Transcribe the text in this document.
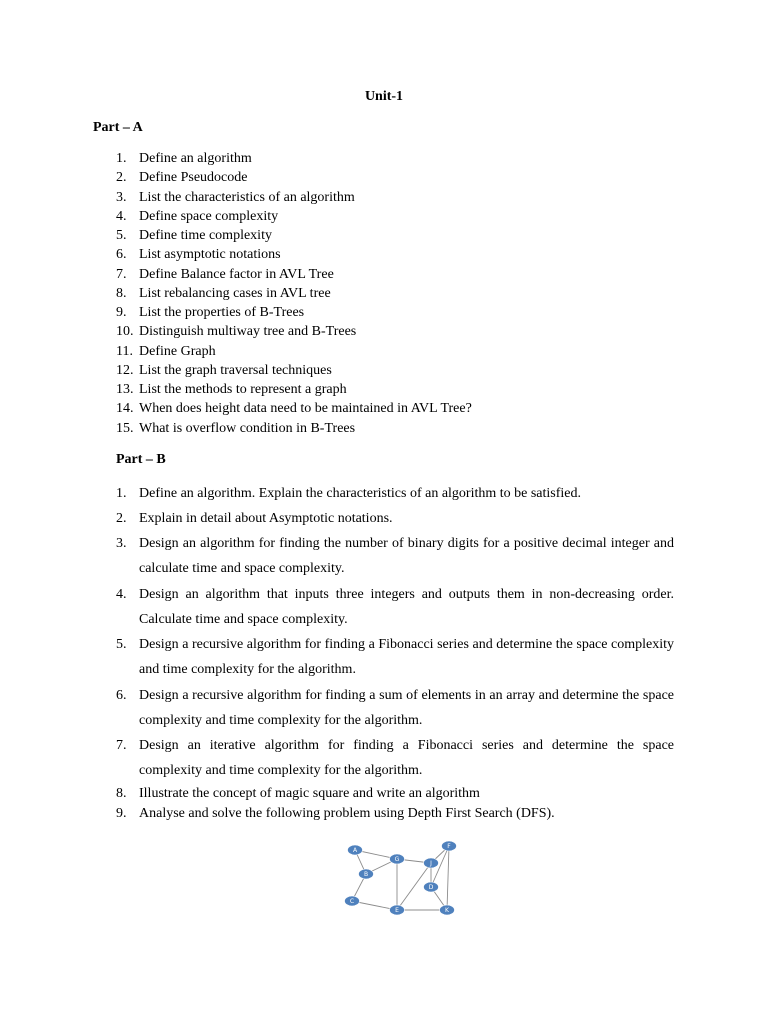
Unit-1
Part – A
1. Define an algorithm
2. Define Pseudocode
3. List the characteristics of an algorithm
4. Define space complexity
5. Define time complexity
6. List asymptotic notations
7. Define Balance factor in AVL Tree
8. List rebalancing cases in AVL tree
9. List the properties of B-Trees
10. Distinguish multiway tree and B-Trees
11. Define Graph
12. List the graph traversal techniques
13. List the methods to represent a graph
14. When does height data need to be maintained in AVL Tree?
15. What is overflow condition in B-Trees
Part – B
1. Define an algorithm. Explain the characteristics of an algorithm to be satisfied.
2. Explain in detail about Asymptotic notations.
3. Design an algorithm for finding the number of binary digits for a positive decimal integer and calculate time and space complexity.
4. Design an algorithm that inputs three integers and outputs them in non-decreasing order. Calculate time and space complexity.
5. Design a recursive algorithm for finding a Fibonacci series and determine the space complexity and time complexity for the algorithm.
6. Design a recursive algorithm for finding a sum of elements in an array and determine the space complexity and time complexity for the algorithm.
7. Design an iterative algorithm for finding a Fibonacci series and determine the space complexity and time complexity for the algorithm.
8. Illustrate the concept of magic square and write an algorithm
9. Analyse and solve the following problem using Depth First Search (DFS).
A
G
F
J
B
D
C
E	K
